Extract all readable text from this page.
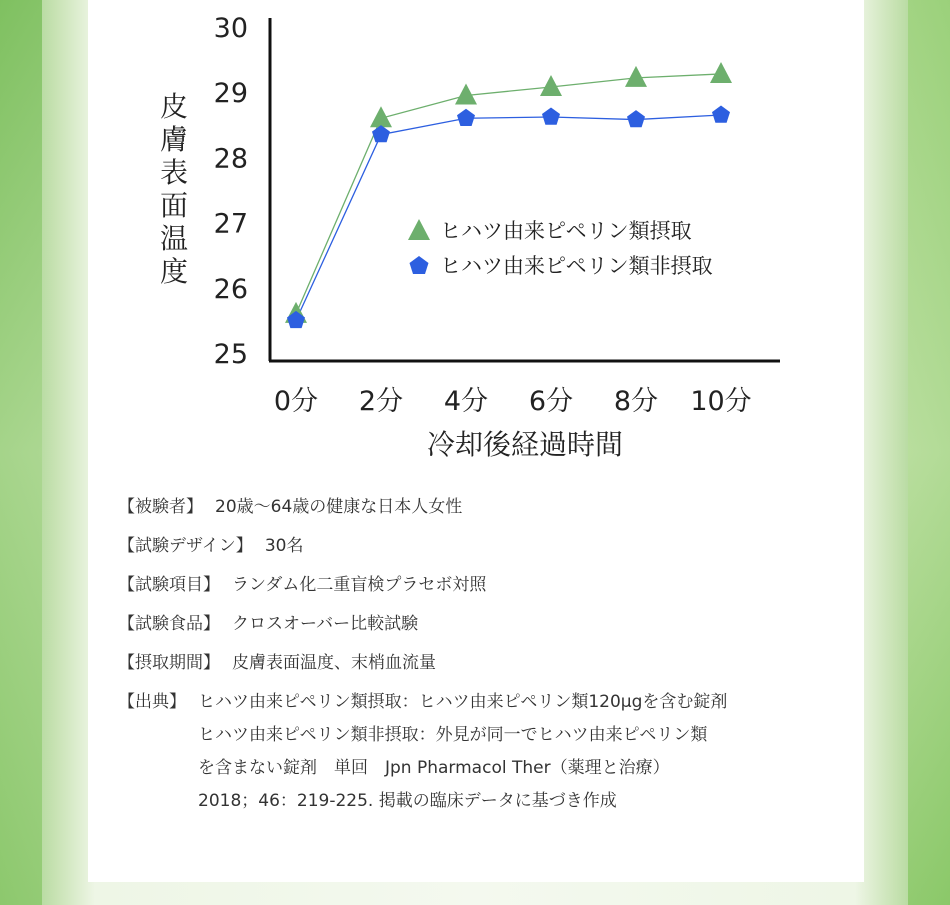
25
26
27
28
29
30
0分 2分 4分 6分 8分 10分
皮
膚
表
面
温
度
冷却後経過時間
ヒハツ由来ピペリン類摂取
ヒハツ由来ピペリン類非摂取
【被験者】 20歳〜64歳の健康な日本人女性
【試験デザイン】 30名
【試験項目】 ランダム化二重盲検プラセボ対照
【試験食品】 クロスオーバー比較試験
【摂取期間】 皮膚表面温度、末梢血流量
【出典】 ヒハツ由来ピペリン類摂取：ヒハツ由来ピペリン類120μgを含む錠剤
ヒハツ由来ピペリン類非摂取：外見が同一でヒハツ由来ピペリン類
を含まない錠剤　単回　Jpn Pharmacol Ther（薬理と治療）
2018；46：219-225. 掲載の臨床データに基づき作成
